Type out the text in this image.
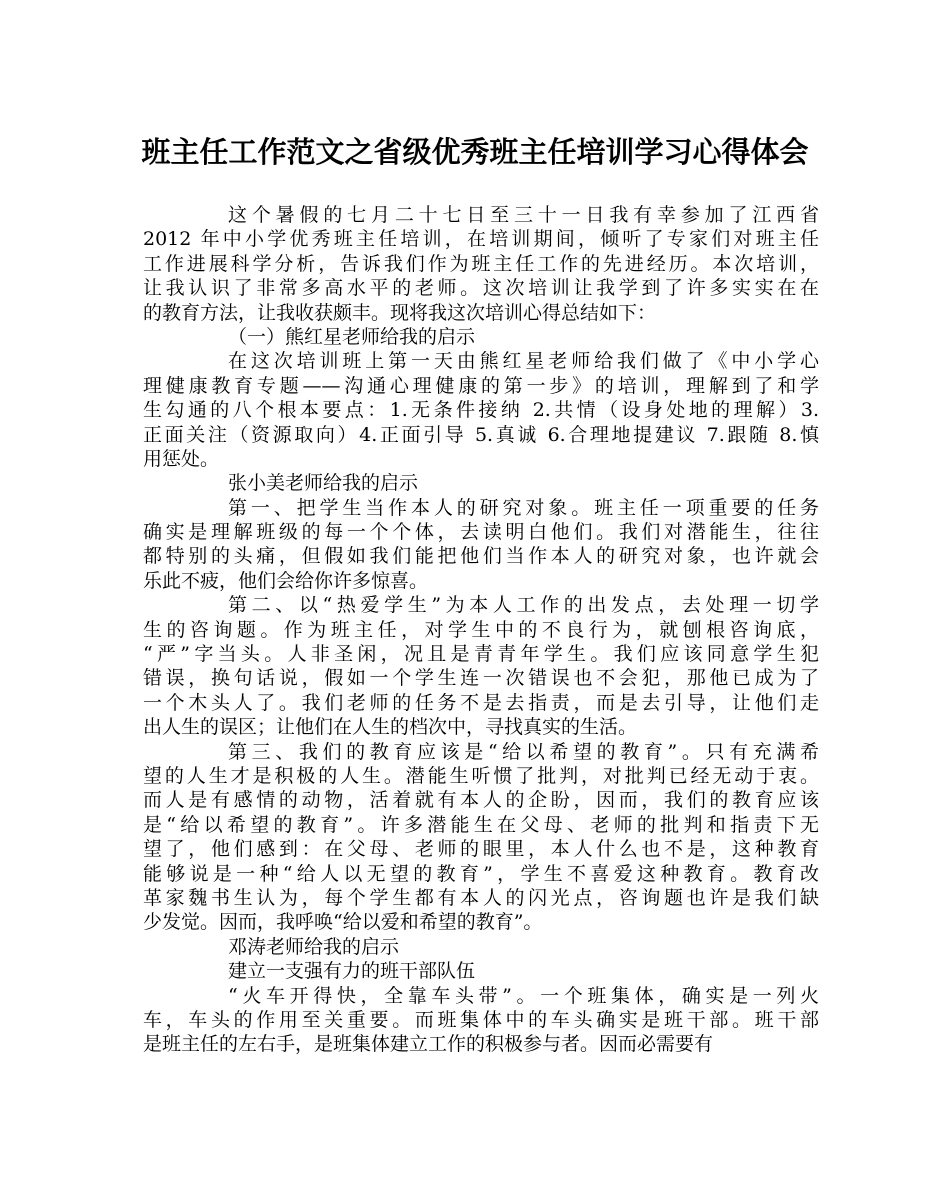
班主任工作范文之省级优秀班主任培训学习心得体会
这个暑假的七月二十七日至三十一日我有幸参加了江西省
2012 年中小学优秀班主任培训，在培训期间，倾听了专家们对班主任
工作进展科学分析，告诉我们作为班主任工作的先进经历。本次培训，
让我认识了非常多高水平的老师。这次培训让我学到了许多实实在在
的教育方法，让我收获颇丰。现将我这次培训心得总结如下：
（一）熊红星老师给我的启示
在这次培训班上第一天由熊红星老师给我们做了《中小学心
理健康教育专题——沟通心理健康的第一步》的培训，理解到了和学
生勾通的八个根本要点：1.无条件接纳 2.共情（设身处地的理解）3.
正面关注（资源取向）4.正面引导 5.真诚 6.合理地提建议 7.跟随 8.慎
用惩处。
张小美老师给我的启示
第一、把学生当作本人的研究对象。班主任一项重要的任务
确实是理解班级的每一个个体，去读明白他们。我们对潜能生，往往
都特别的头痛，但假如我们能把他们当作本人的研究对象，也许就会
乐此不疲，他们会给你许多惊喜。
第二、以“热爱学生”为本人工作的出发点，去处理一切学
生的咨询题。作为班主任，对学生中的不良行为，就刨根咨询底，
“严”字当头。人非圣闲，况且是青青年学生。我们应该同意学生犯
错误，换句话说，假如一个学生连一次错误也不会犯，那他已成为了
一个木头人了。我们老师的任务不是去指责，而是去引导，让他们走
出人生的误区；让他们在人生的档次中，寻找真实的生活。
第三、我们的教育应该是“给以希望的教育”。只有充满希
望的人生才是积极的人生。潜能生听惯了批判，对批判已经无动于衷。
而人是有感情的动物，活着就有本人的企盼，因而，我们的教育应该
是“给以希望的教育”。许多潜能生在父母、老师的批判和指责下无
望了，他们感到：在父母、老师的眼里，本人什么也不是，这种教育
能够说是一种“给人以无望的教育”，学生不喜爱这种教育。教育改
革家魏书生认为，每个学生都有本人的闪光点，咨询题也许是我们缺
少发觉。因而，我呼唤“给以爱和希望的教育”。
邓涛老师给我的启示
建立一支强有力的班干部队伍
“火车开得快，全靠车头带”。一个班集体，确实是一列火
车，车头的作用至关重要。而班集体中的车头确实是班干部。班干部
是班主任的左右手，是班集体建立工作的积极参与者。因而必需要有
